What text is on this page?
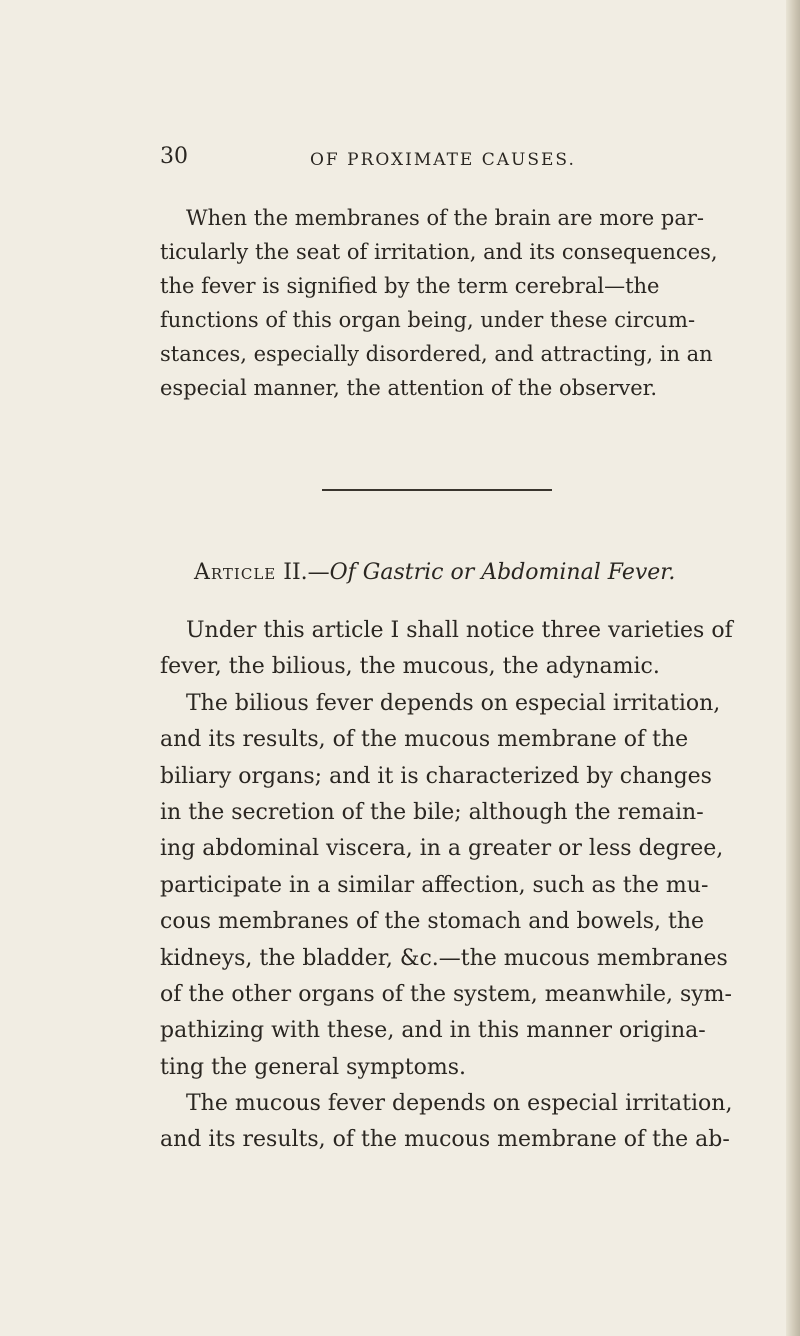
30	OF PROXIMATE CAUSES.
When the membranes of the brain are more par-
ticularly the seat of irritation, and its consequences,
the fever is signified by the term cerebral—the
functions of this organ being, under these circum-
stances, especially disordered, and attracting, in an
especial manner, the attention of the observer.
Article II.—Of Gastric or Abdominal Fever.
Under this article I shall notice three varieties of
fever, the bilious, the mucous, the adynamic.
The bilious fever depends on especial irritation,
and its results, of the mucous membrane of the
biliary organs; and it is characterized by changes
in the secretion of the bile; although the remain-
ing abdominal viscera, in a greater or less degree,
participate in a similar affection, such as the mu-
cous membranes of the stomach and bowels, the
kidneys, the bladder, &c.—the mucous membranes
of the other organs of the system, meanwhile, sym-
pathizing with these, and in this manner origina-
ting the general symptoms.
The mucous fever depends on especial irritation,
and its results, of the mucous membrane of the ab-
